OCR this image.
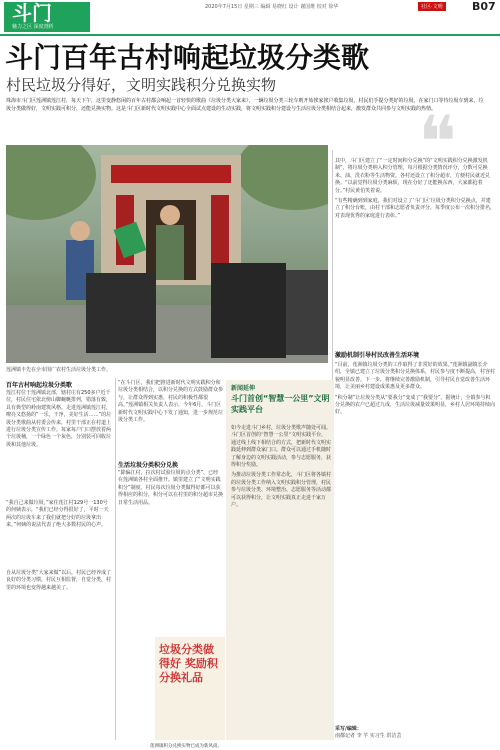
斗门
魅力之区 深度剖析
2020年7月15日 星期三 编辑 易晓红 设计 谢国维 校对 徐华	社区·文明	B07
斗门百年古村响起垃圾分类歌
村民垃圾分得好，文明实践积分兑换实物
珠海市斗门区莲洲镇莲江村，每天下午，这里变静悠闲的百年古村都会响起一首轻快的歌曲《垃圾分类大家来》，一辆垃圾分类三轮车则开始挨家挨户收集垃圾，村民们手提分类好的垃圾，在家门口等待垃圾车到来，垃圾分类做得好，文明实践可积分，还能兑换实物。这是斗门区新时代文明实践中心全面试点建设的生动实践，将文明实践积分建设与生活垃圾分类相结合起来，激发群众共同参与文明实践的热情。
莲洲镇丰先在全市围广农村生活垃圾分类工作。
❝
百年古村响起垃圾分类歌
莲江村位于莲洲镇北部，辖村庄有250多户近千位，村民住宅依北傍山脚蜿蜒排列，错落有致，具有典型的岭南建筑风格。走进莲洲镇莲江村，嘹亮又悠扬的“一乐，干净，美好生活……”的垃圾分类歌曲从村委会传来，村里干部正在村道上进行垃圾分类宣传工作。每家每户门口摆放着两个垃圾桶，一个绿色一个灰色，分别装可回收垃圾和其他垃圾。
“我自己来做垃圾，”家住莲江村129号一130号的何姨表示，“我们已经分得很好了，平时一天两次的垃圾车来了我们就把分好的垃圾拿出来。”何姨的说法代表了绝大多数村民的心声。
自从垃圾分类“大家来做”以后，村民已经养成了良好的分类习惯，村民互相监督，自觉分类，村里的环境也变得越来越美了。
“在斗门区，我们把推进新时代文明实践积分和垃圾分类相结合，以积分兑换的方式鼓励群众参与，让群众得到实惠，村民的积极性都很高。”莲洲镇相关负责人表示，今年6月，斗门区新时代文明实践中心下发了通知，进一步规范垃圾分类工作。
生活垃圾分类积分兑换
“除偏江村，拉次村试验垃圾的点分类”，已经在莲洲镇各村全面推开。镇里建立了“文明实践积分”制度，村民每次垃圾分类做得好都可以获得相应的积分，积分可以在村里的积分超市兑换日常生活用品。
新闻延伸
斗门首创“智慧一公里”文明实践平台
如今走进斗门乡村，垃圾分类歌声随处可闻。斗门区首创的“智慧一公里”文明实践平台，通过线上线下相结合的方式，把新时代文明实践延伸到群众家门口。群众可以通过手机随时了解身边的文明实践活动，参与志愿服务，获得积分奖励。
为推动垃圾分类工作常态化，斗门区将各镇村的垃圾分类工作纳入文明实践积分管理，村民参与垃圾分类、环境整治、志愿服务等活动都可以获得积分，让文明实践真正走进千家万户。
垃圾分类做得好 奖励积分换礼品
莲洲镇积分兑换实物已成为新风尚。
其中，斗门区建立了“一定时间积分兑换”的“文明实践积分兑换激发机制”，将垃圾分类纳入积分管理，每月根据分类情况评分，分数可兑换米、油、洗衣粉等生活物资。各村还设立了积分超市，方便村民就近兑换。“以前觉得垃圾分类麻烦，现在分好了还能换东西，大家都抢着分。”村民黄伯笑着说。
“有些精确到到家庭，我们对设立了‘斗门区’垃圾分类积分兑换点，并建立了积分台账，由村干部和志愿者负责评分，每季度公布一次积分排名，对表现优秀的家庭进行表彰。”
激励机制引导村民改善生活环境
“目前，莲洲镇垃圾分类的工作取得了非常好的效果。”莲洲镇副镇长介绍，全镇已建立了垃圾分类积分兑换体系，村民参与度不断提高，村容村貌明显改善。下一步，将继续完善激励机制，引导村民自觉改善生活环境，让美丽乡村建设成果惠及更多群众。
“积分制”让垃圾分类从“要我分”变成了“我要分”。据统计，全镇参与积分兑换的农户已超过九成，生活垃圾减量效果明显，乡村人居环境持续向好。
采写/编辑：
南都记者 李 芊 实习生 洪洁芸
